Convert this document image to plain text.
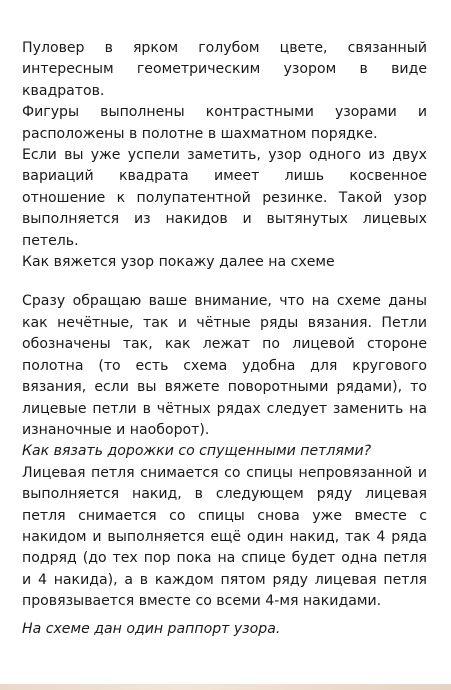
Пуловер в ярком голубом цвете, связанный интересным геометрическим узором в виде квадратов.

Фигуры выполнены контрастными узорами и расположены в полотне в шахматном порядке.

Если вы уже успели заметить, узор одного из двух вариаций квадрата имеет лишь косвенное отношение к полупатентной резинке. Такой узор выполняется из накидов и вытянутых лицевых петель.

Как вяжется узор покажу далее на схеме

Сразу обращаю ваше внимание, что на схеме даны как нечётные, так и чётные ряды вязания. Петли обозначены так, как лежат по лицевой стороне полотна (то есть схема удобна для кругового вязания, если вы вяжете поворотными рядами), то лицевые петли в чётных рядах следует заменить на изнаночные и наоборот).

Как вязать дорожки со спущенными петлями?

Лицевая петля снимается со спицы непровязанной и выполняется накид, в следующем ряду лицевая петля снимается со спицы снова уже вместе с накидом и выполняется ещё один накид, так 4 ряда подряд (до тех пор пока на спице будет одна петля и 4 накида), а в каждом пятом ряду лицевая петля провязывается вместе со всеми 4-мя накидами.

На схеме дан один раппорт узора.
